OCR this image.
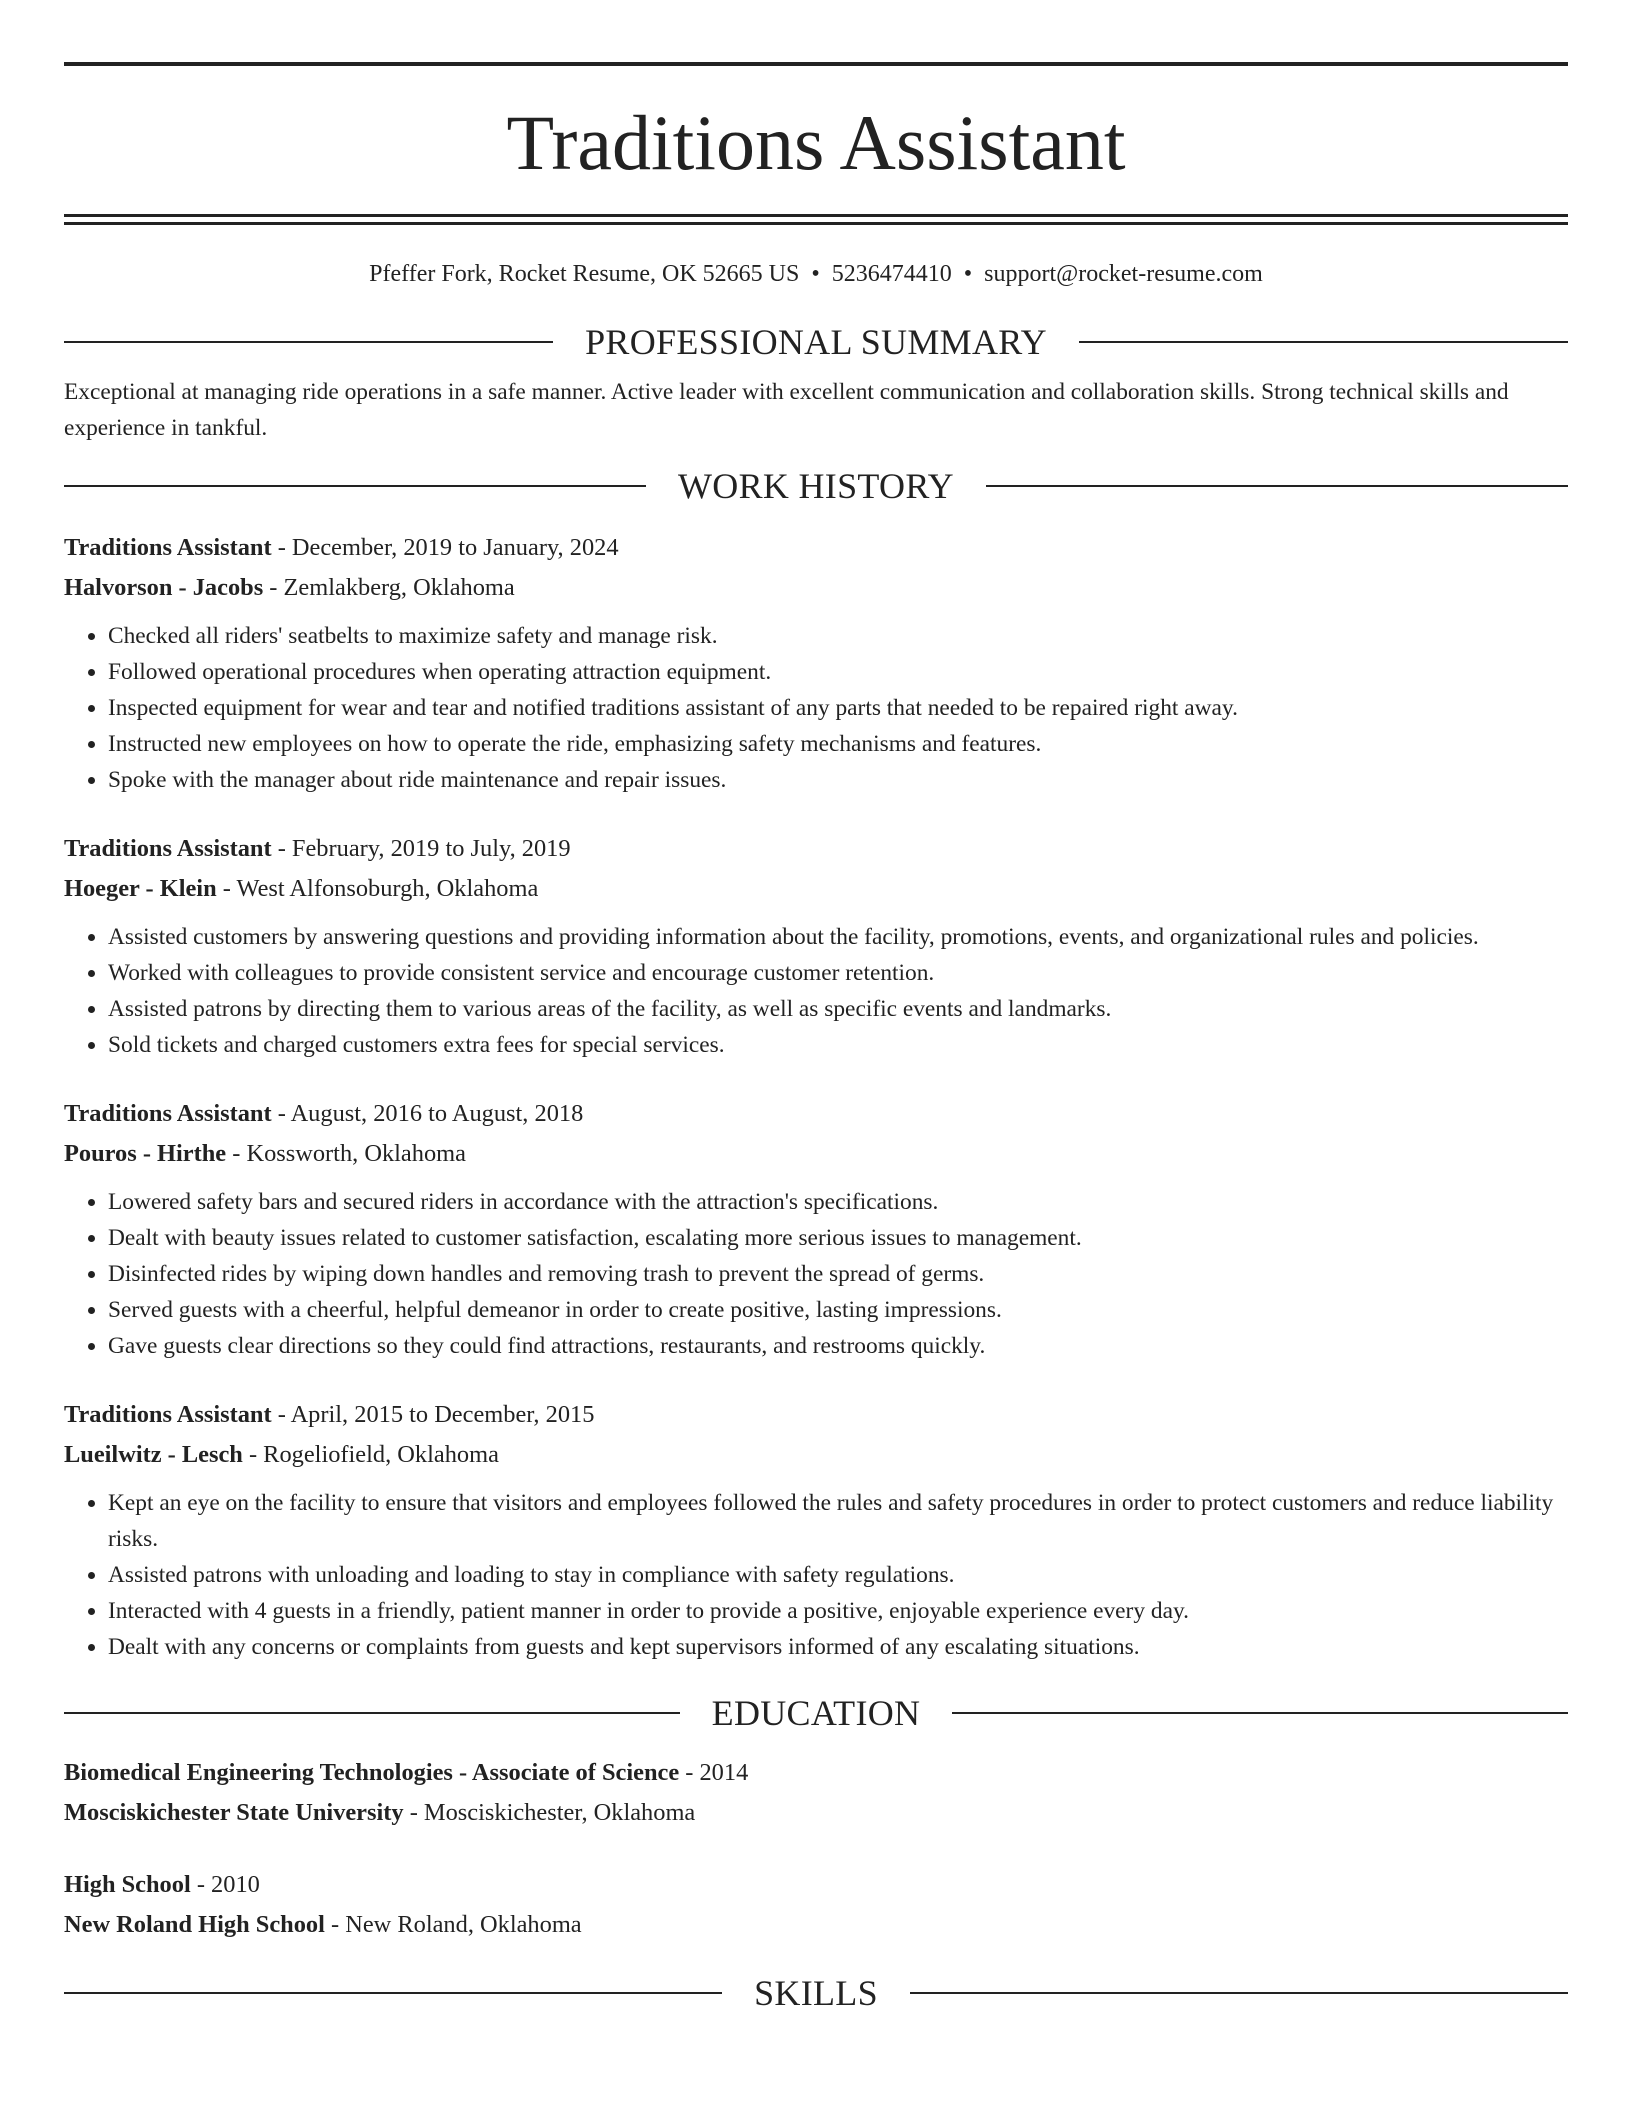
Traditions Assistant
Pfeffer Fork, Rocket Resume, OK 52665 US • 5236474410 • support@rocket-resume.com
PROFESSIONAL SUMMARY
Exceptional at managing ride operations in a safe manner. Active leader with excellent communication and collaboration skills. Strong technical skills and experience in tankful.
WORK HISTORY
Traditions Assistant - December, 2019 to January, 2024
Halvorson - Jacobs - Zemlakberg, Oklahoma
• Checked all riders' seatbelts to maximize safety and manage risk.
• Followed operational procedures when operating attraction equipment.
• Inspected equipment for wear and tear and notified traditions assistant of any parts that needed to be repaired right away.
• Instructed new employees on how to operate the ride, emphasizing safety mechanisms and features.
• Spoke with the manager about ride maintenance and repair issues.
Traditions Assistant - February, 2019 to July, 2019
Hoeger - Klein - West Alfonsoburgh, Oklahoma
• Assisted customers by answering questions and providing information about the facility, promotions, events, and organizational rules and policies.
• Worked with colleagues to provide consistent service and encourage customer retention.
• Assisted patrons by directing them to various areas of the facility, as well as specific events and landmarks.
• Sold tickets and charged customers extra fees for special services.
Traditions Assistant - August, 2016 to August, 2018
Pouros - Hirthe - Kossworth, Oklahoma
• Lowered safety bars and secured riders in accordance with the attraction's specifications.
• Dealt with beauty issues related to customer satisfaction, escalating more serious issues to management.
• Disinfected rides by wiping down handles and removing trash to prevent the spread of germs.
• Served guests with a cheerful, helpful demeanor in order to create positive, lasting impressions.
• Gave guests clear directions so they could find attractions, restaurants, and restrooms quickly.
Traditions Assistant - April, 2015 to December, 2015
Lueilwitz - Lesch - Rogeliofield, Oklahoma
• Kept an eye on the facility to ensure that visitors and employees followed the rules and safety procedures in order to protect customers and reduce liability risks.
• Assisted patrons with unloading and loading to stay in compliance with safety regulations.
• Interacted with 4 guests in a friendly, patient manner in order to provide a positive, enjoyable experience every day.
• Dealt with any concerns or complaints from guests and kept supervisors informed of any escalating situations.
EDUCATION
Biomedical Engineering Technologies - Associate of Science - 2014
Mosciskichester State University - Mosciskichester, Oklahoma
High School - 2010
New Roland High School - New Roland, Oklahoma
SKILLS
